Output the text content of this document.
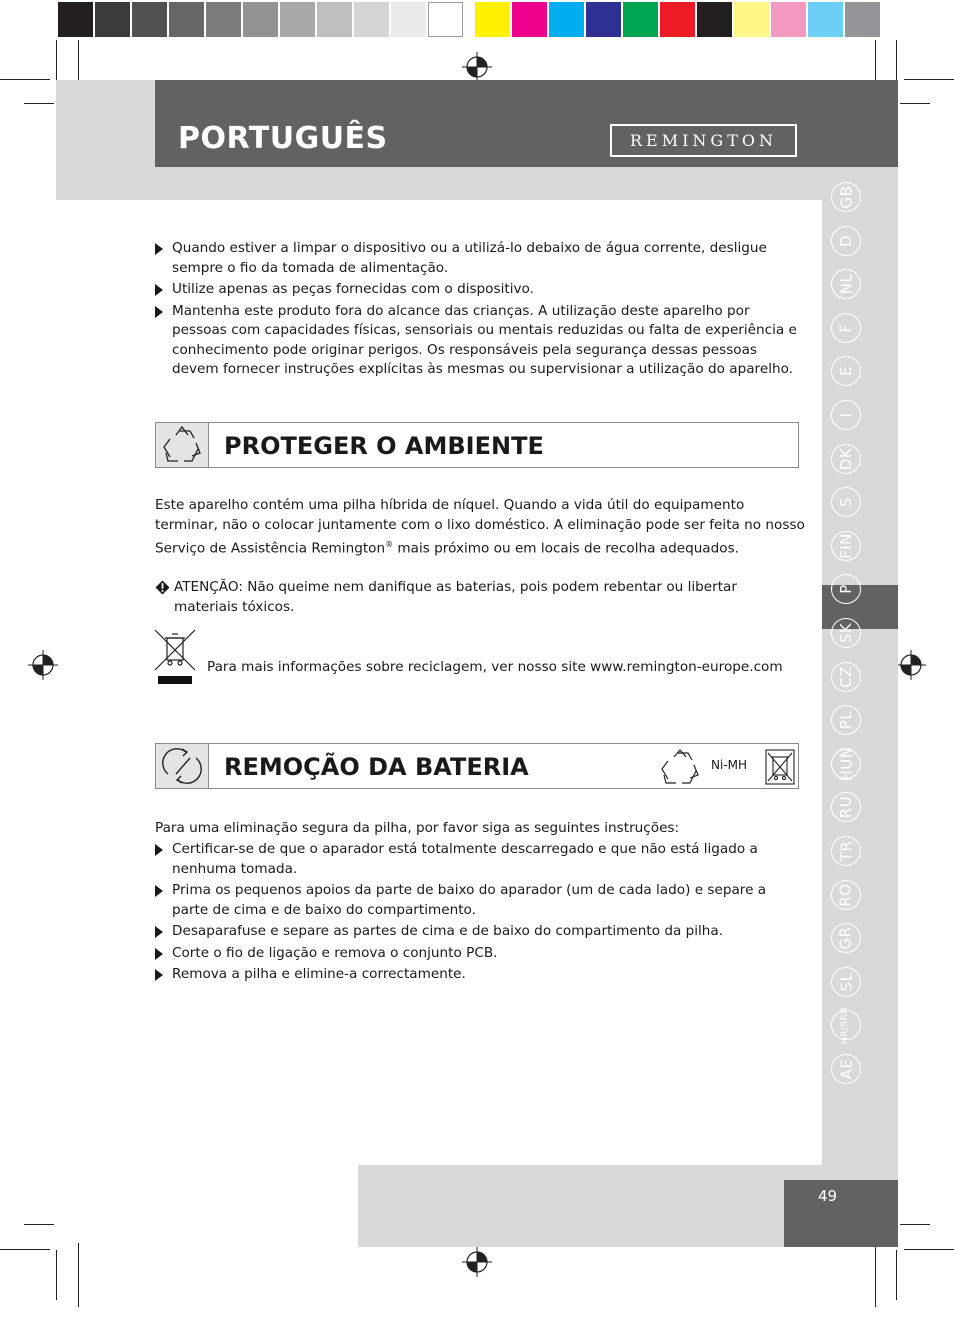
PORTUGUÊS	REMINGTON
GB
D
NL
F
E
I
DK
S
FIN
P
SK
CZ
PL
HUN
RU
TR
RO
GR
SL
HR/SRB
AE
Quando estiver a limpar o dispositivo ou a utilizá-lo debaixo de água corrente, desligue sempre o fio da tomada de alimentação.
Utilize apenas as peças fornecidas com o dispositivo.
Mantenha este produto fora do alcance das crianças. A utilização deste aparelho por pessoas com capacidades físicas, sensoriais ou mentais reduzidas ou falta de experiência e conhecimento pode originar perigos. Os responsáveis pela segurança dessas pessoas devem fornecer instruções explícitas às mesmas ou supervisionar a utilização do aparelho.
PROTEGER O AMBIENTE
Este aparelho contém uma pilha híbrida de níquel. Quando a vida útil do equipamento terminar, não o colocar juntamente com o lixo doméstico. A eliminação pode ser feita no nosso Serviço de Assistência Remington® mais próximo ou em locais de recolha adequados.
ATENÇÃO: Não queime nem danifique as baterias, pois podem rebentar ou libertar materiais tóxicos.
Para mais informações sobre reciclagem, ver nosso site www.remington-europe.com
REMOÇÃO DA BATERIA	Ni-MH
Para uma eliminação segura da pilha, por favor siga as seguintes instruções:
Certificar-se de que o aparador está totalmente descarregado e que não está ligado a nenhuma tomada.
Prima os pequenos apoios da parte de baixo do aparador (um de cada lado) e separe a parte de cima e de baixo do compartimento.
Desaparafuse e separe as partes de cima e de baixo do compartimento da pilha.
Corte o fio de ligação e remova o conjunto PCB.
Remova a pilha e elimine-a correctamente.
49
